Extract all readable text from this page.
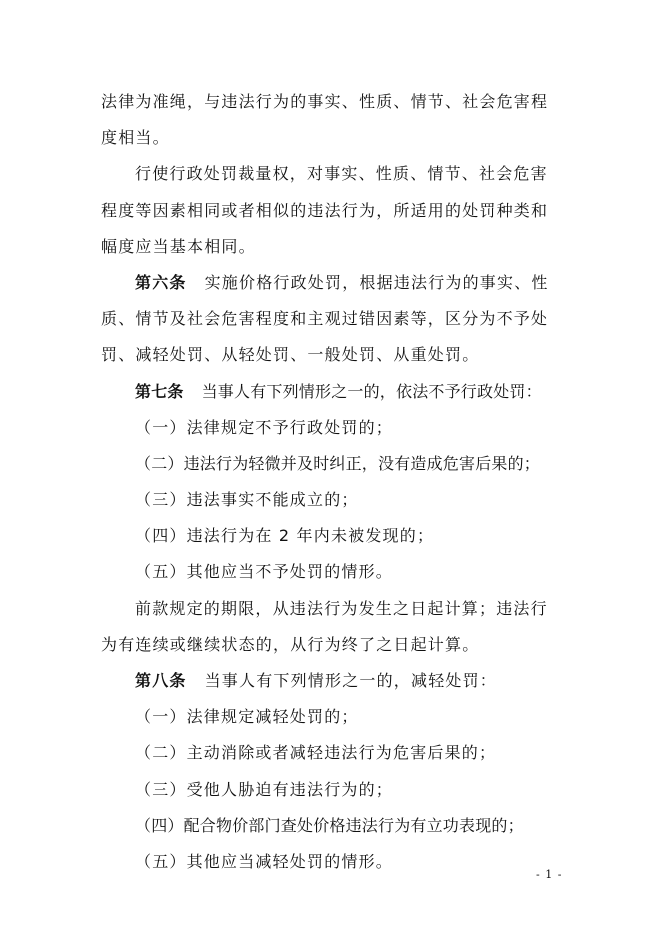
法律为准绳，与违法行为的事实、性质、情节、社会危害程
度相当。
行使行政处罚裁量权，对事实、性质、情节、社会危害
程度等因素相同或者相似的违法行为，所适用的处罚种类和
幅度应当基本相同。
第六条 实施价格行政处罚，根据违法行为的事实、性
质、情节及社会危害程度和主观过错因素等，区分为不予处
罚、减轻处罚、从轻处罚、一般处罚、从重处罚。
第七条 当事人有下列情形之一的，依法不予行政处罚：
（一）法律规定不予行政处罚的；
（二）违法行为轻微并及时纠正，没有造成危害后果的；
（三）违法事实不能成立的；
（四）违法行为在 2 年内未被发现的；
（五）其他应当不予处罚的情形。
前款规定的期限，从违法行为发生之日起计算；违法行
为有连续或继续状态的，从行为终了之日起计算。
第八条 当事人有下列情形之一的，减轻处罚：
（一）法律规定减轻处罚的；
（二）主动消除或者减轻违法行为危害后果的；
（三）受他人胁迫有违法行为的；
（四）配合物价部门查处价格违法行为有立功表现的；
（五）其他应当减轻处罚的情形。
- 1 -
